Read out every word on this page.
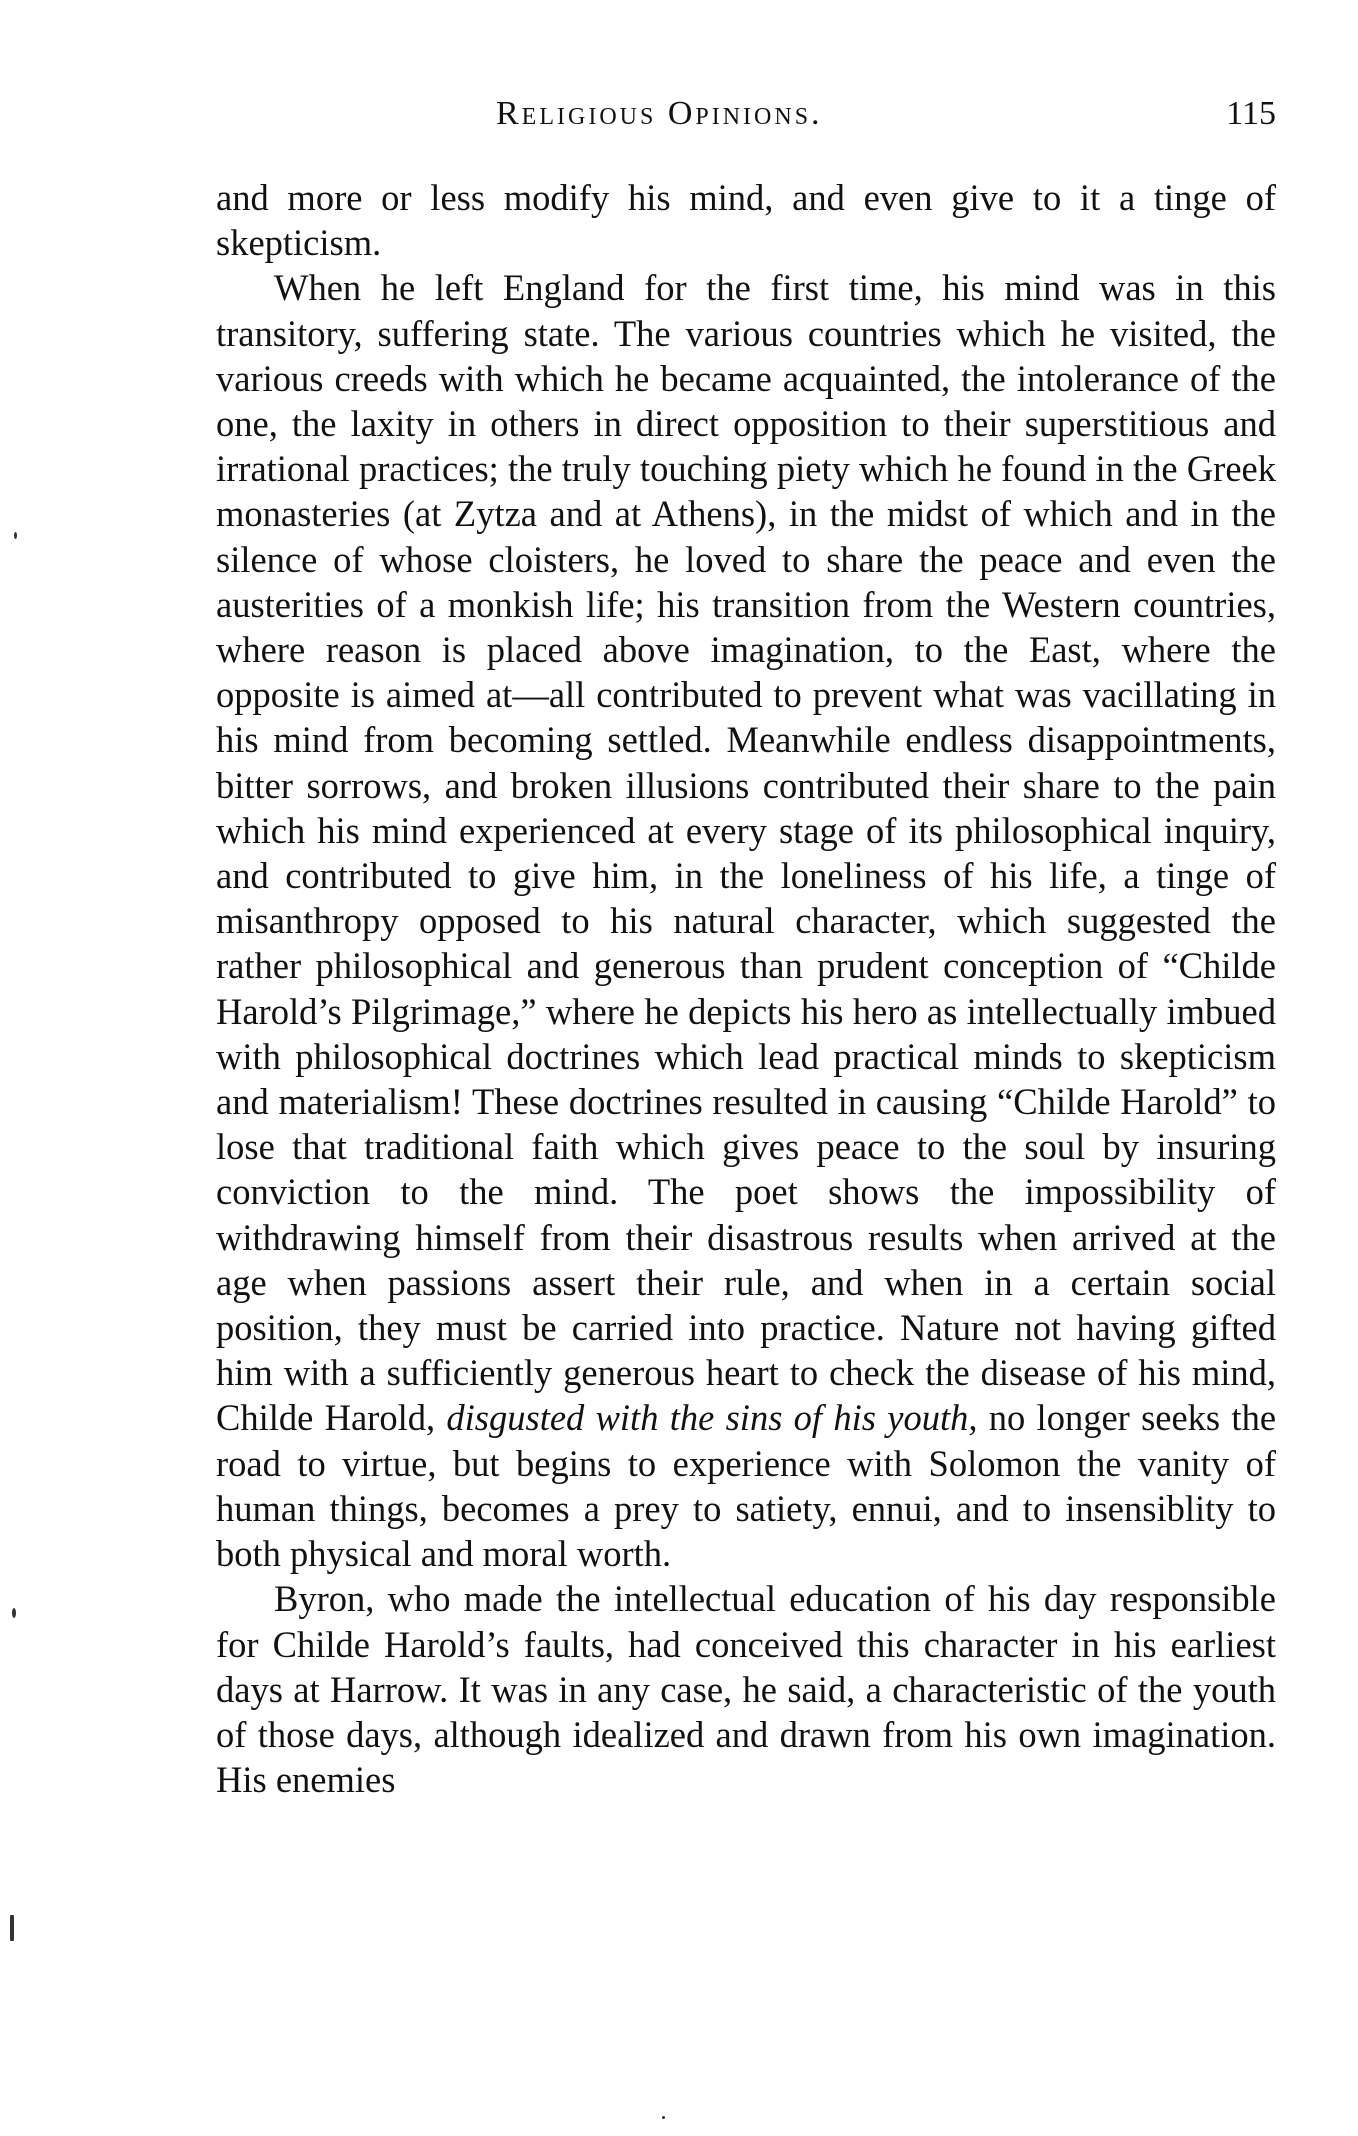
Religious Opinions.	115

and more or less modify his mind, and even give to it a tinge of skepticism.

When he left England for the first time, his mind was in this transitory, suffering state. The various countries which he visited, the various creeds with which he became acquainted, the intolerance of the one, the laxity in others in direct opposition to their superstitious and irrational practices; the truly touching piety which he found in the Greek monasteries (at Zytza and at Athens), in the midst of which and in the silence of whose cloisters, he loved to share the peace and even the austerities of a monkish life; his transition from the Western countries, where reason is placed above imagination, to the East, where the opposite is aimed at—all contributed to prevent what was vacillating in his mind from becoming settled. Meanwhile endless disappointments, bitter sorrows, and broken illusions contributed their share to the pain which his mind experienced at every stage of its philosophical inquiry, and contributed to give him, in the loneliness of his life, a tinge of misanthropy opposed to his natural character, which suggested the rather philosophical and generous than prudent conception of “Childe Harold’s Pilgrimage,” where he depicts his hero as intellectually imbued with philosophical doctrines which lead practical minds to skepticism and materialism! These doctrines resulted in causing “Childe Harold” to lose that traditional faith which gives peace to the soul by insuring conviction to the mind. The poet shows the impossibility of withdrawing himself from their disastrous results when arrived at the age when passions assert their rule, and when in a certain social position, they must be carried into practice. Nature not having gifted him with a sufficiently generous heart to check the disease of his mind, Childe Harold, disgusted with the sins of his youth, no longer seeks the road to virtue, but begins to experience with Solomon the vanity of human things, becomes a prey to satiety, ennui, and to insensiblity to both physical and moral worth.

Byron, who made the intellectual education of his day responsible for Childe Harold’s faults, had conceived this character in his earliest days at Harrow. It was in any case, he said, a characteristic of the youth of those days, although idealized and drawn from his own imagination. His enemies
